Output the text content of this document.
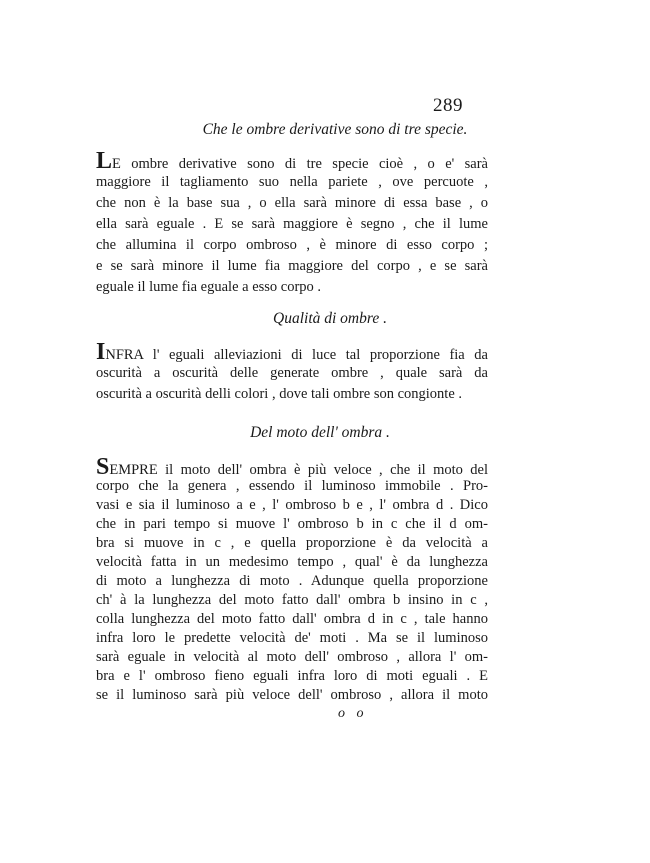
289
Che le ombre derivative sono di tre specie.
LE ombre derivative sono di tre specie cioè , o e' sarà
maggiore il tagliamento suo nella pariete , ove percuote ,
che non è la base sua , o ella sarà minore di essa base , o
ella sarà eguale . E se sarà maggiore è segno , che il lume
che allumina il corpo ombroso , è minore di esso corpo ;
e se sarà minore il lume fia maggiore del corpo , e se sarà
eguale il lume fia eguale a esso corpo .
Qualità di ombre .
INFRA l' eguali alleviazioni di luce tal proporzione fia da
oscurità a oscurità delle generate ombre , quale sarà da
oscurità a oscurità delli colori , dove tali ombre son congionte .
Del moto dell' ombra .
SEMPRE il moto dell' ombra è più veloce , che il moto del
corpo che la genera , essendo il luminoso immobile . Pro-
vasi e sia il luminoso a e , l' ombroso b e , l' ombra d . Dico
che in pari tempo si muove l' ombroso b in c che il d om-
bra si muove in c , e quella proporzione è da velocità a
velocità fatta in un medesimo tempo , qual' è da lunghezza
di moto a lunghezza di moto . Adunque quella proporzione
ch' à la lunghezza del moto fatto dall' ombra b insino in c ,
colla lunghezza del moto fatto dall' ombra d in c , tale hanno
infra loro le predette velocità de' moti . Ma se il luminoso
sarà eguale in velocità al moto dell' ombroso , allora l' om-
bra e l' ombroso fieno eguali infra loro di moti eguali . E
se il luminoso sarà più veloce dell' ombroso , allora il moto
o o
